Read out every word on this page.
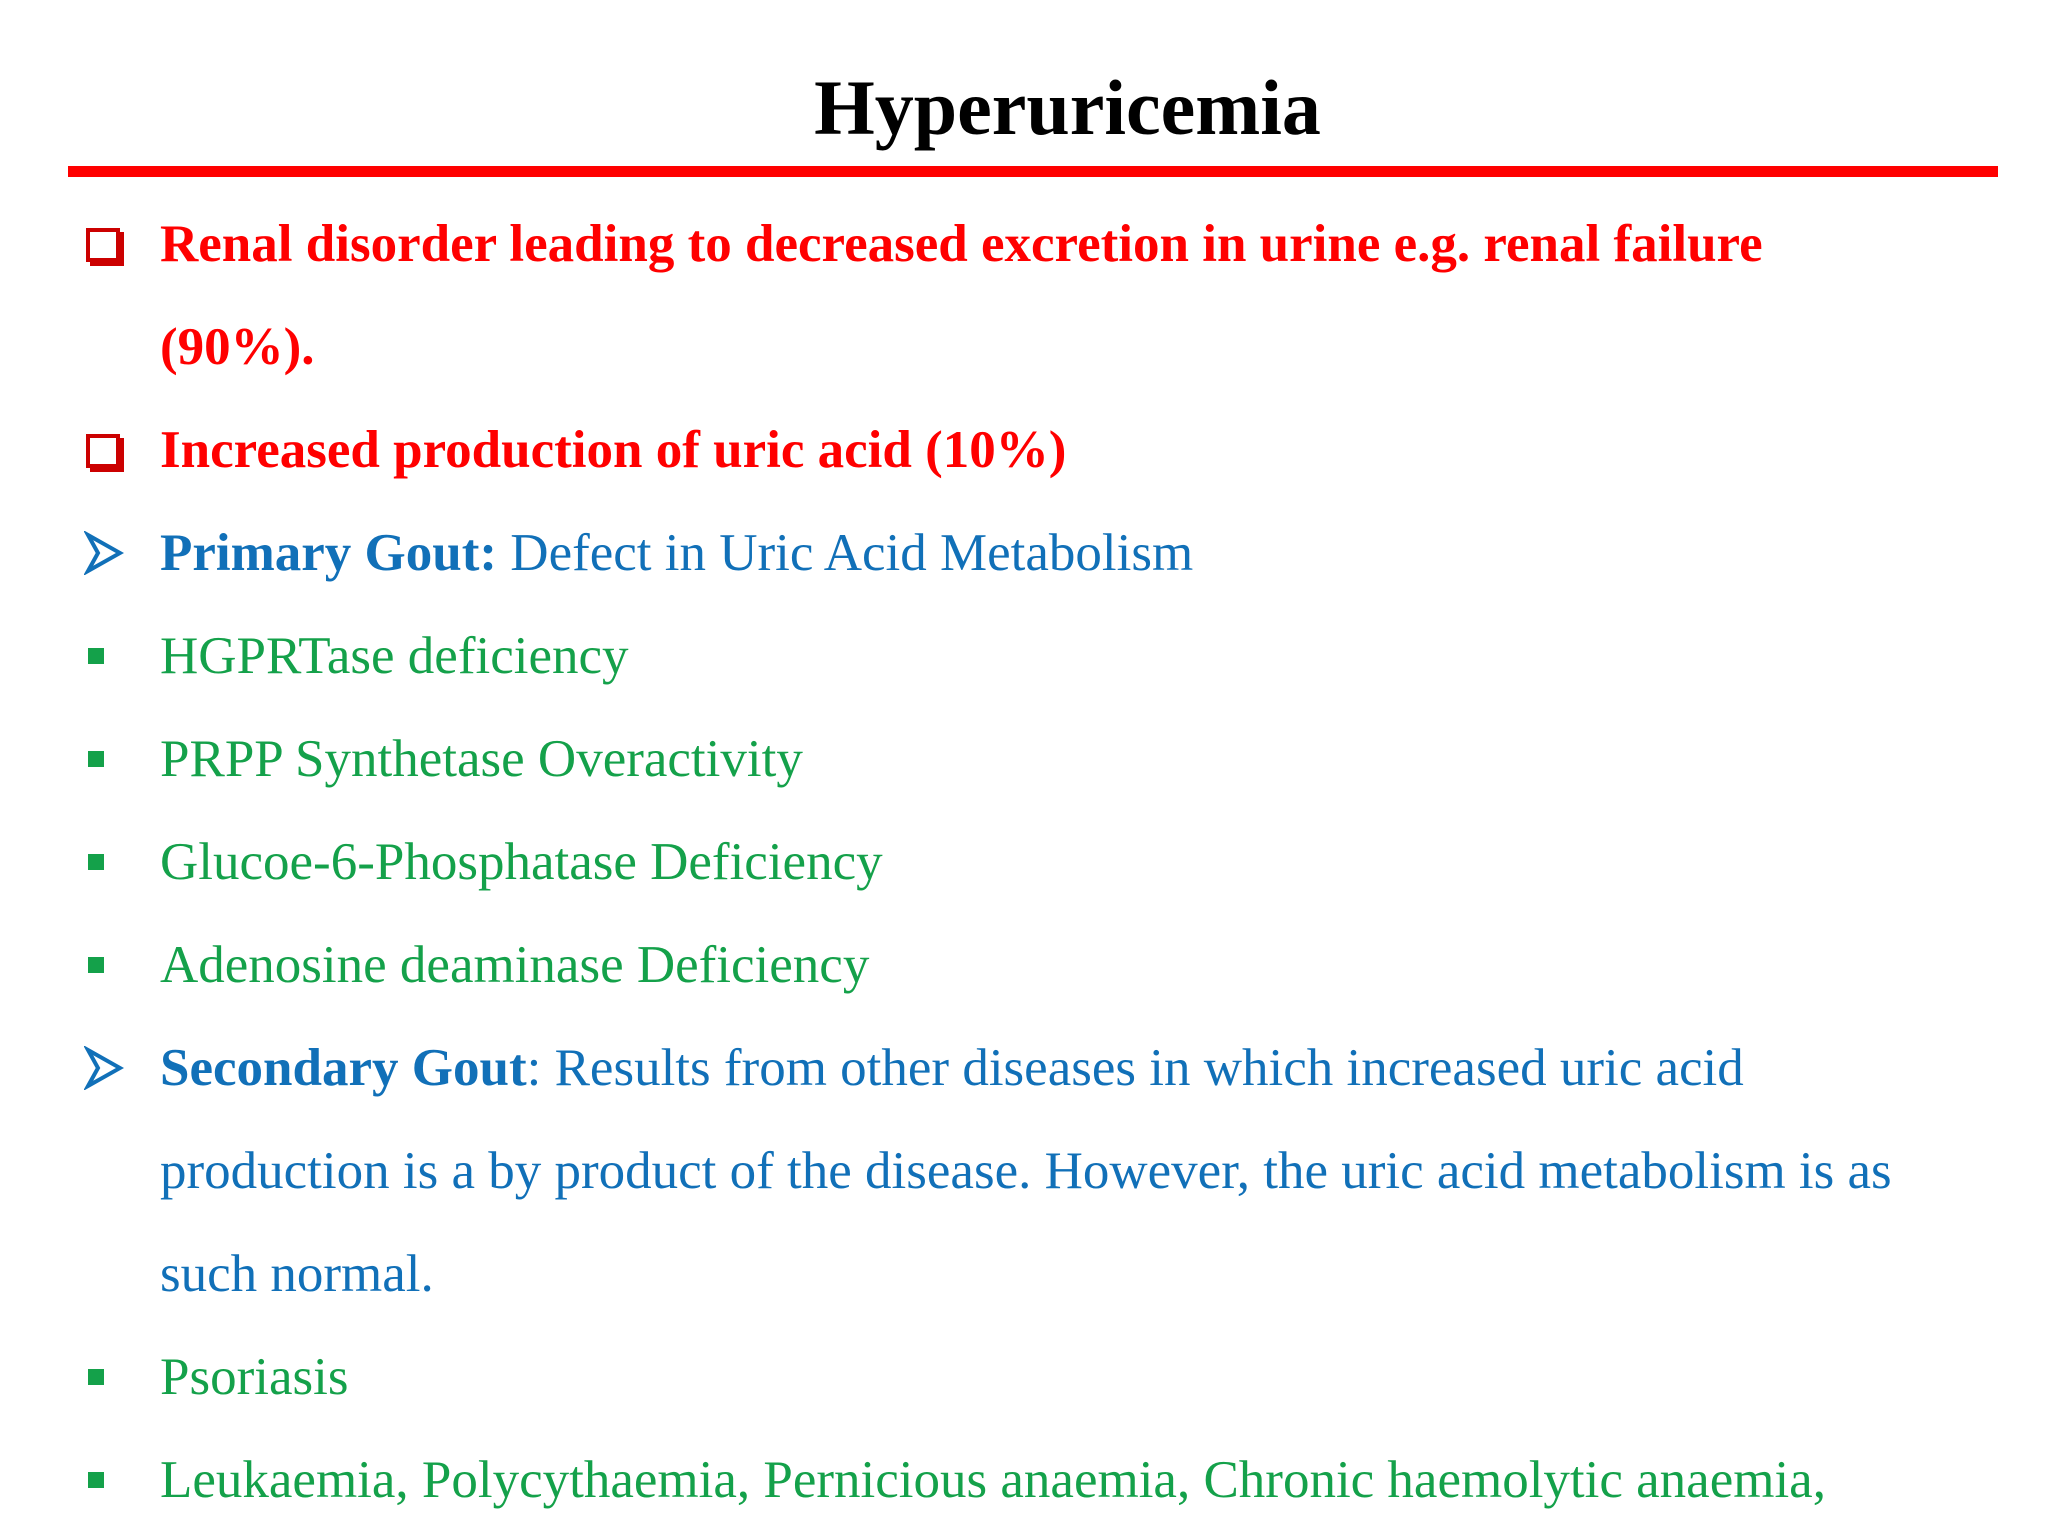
Hyperuricemia
Renal disorder leading to decreased excretion in urine e.g. renal failure
(90%).
Increased production of uric acid (10%)
Primary Gout: Defect in Uric Acid Metabolism
HGPRTase deficiency
PRPP Synthetase Overactivity
Glucoe-6-Phosphatase Deficiency
Adenosine deaminase Deficiency
Secondary Gout: Results from other diseases in which increased uric acid
production is a by product of the disease. However, the uric acid metabolism is as
such normal.
Psoriasis
Leukaemia, Polycythaemia, Pernicious anaemia, Chronic haemolytic anaemia,
